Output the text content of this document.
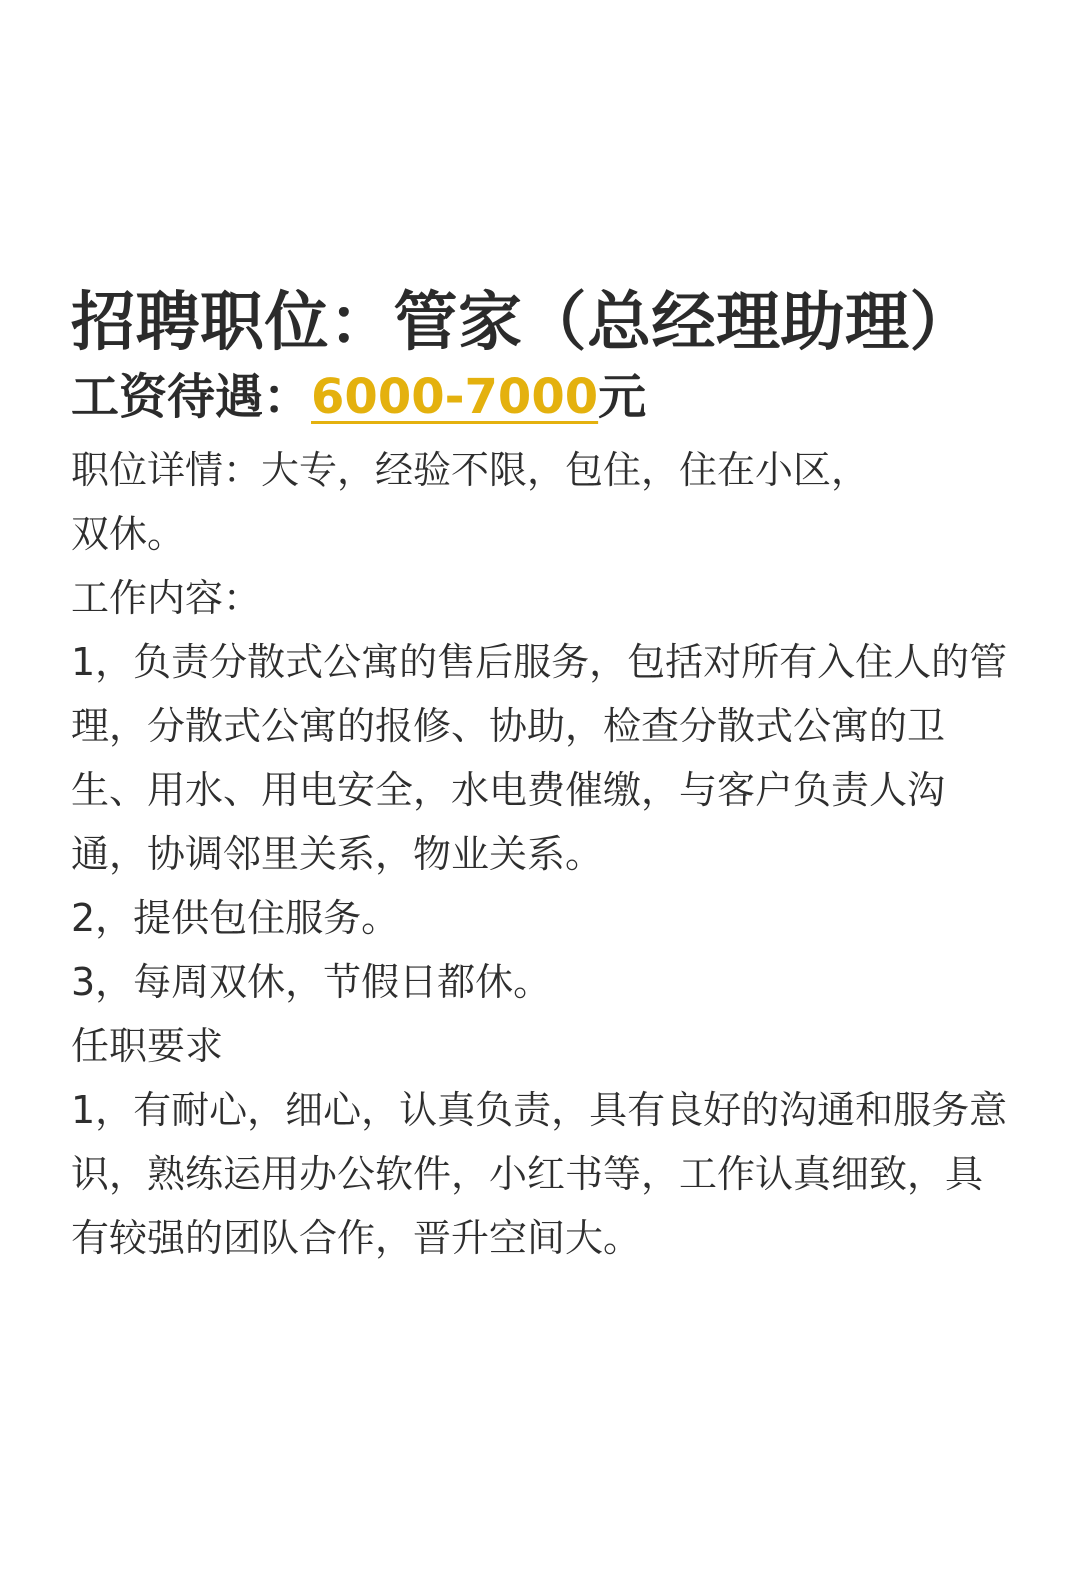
招聘职位：管家（总经理助理）
工资待遇：6000-7000元

职位详情：大专，经验不限，包住，住在小区，双休。

工作内容：

1，负责分散式公寓的售后服务，包括对所有入住人的管理，分散式公寓的报修、协助，检查分散式公寓的卫生、用水、用电安全，水电费催缴，与客户负责人沟通，协调邻里关系，物业关系。

2，提供包住服务。

3，每周双休，节假日都休。

任职要求

1，有耐心，细心，认真负责，具有良好的沟通和服务意识，熟练运用办公软件，小红书等，工作认真细致，具有较强的团队合作，晋升空间大。
